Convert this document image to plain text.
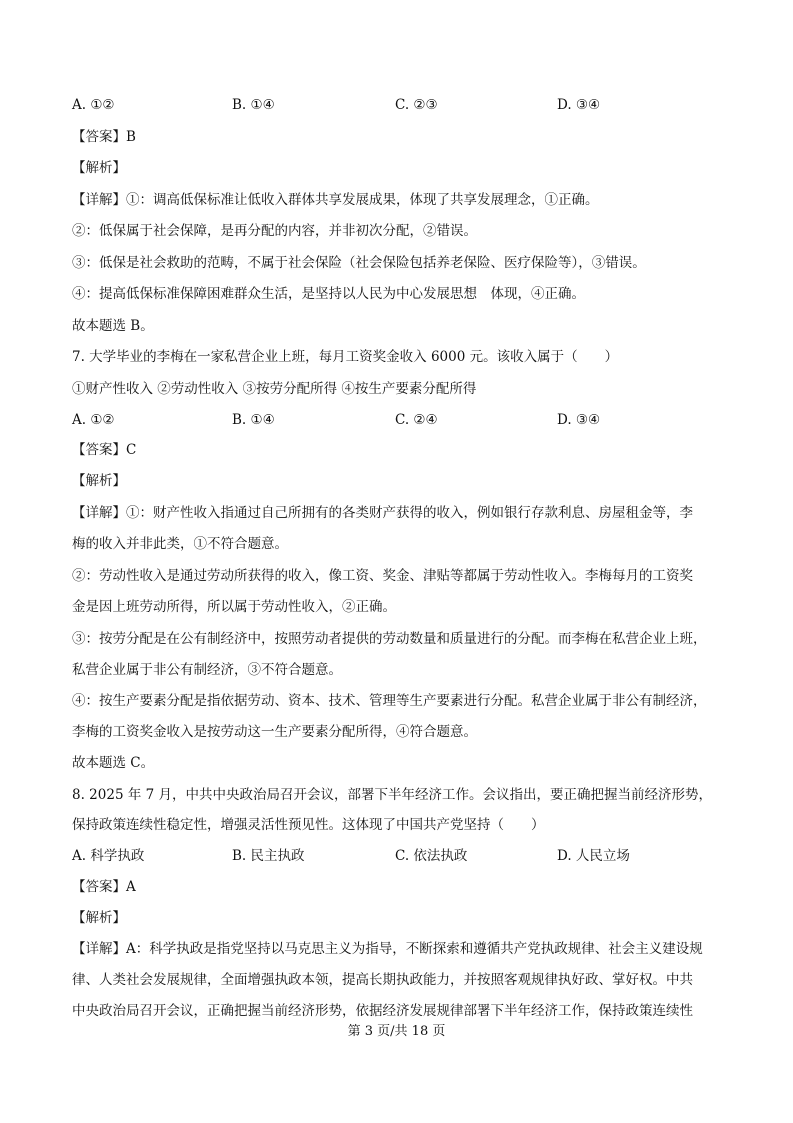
A. ①②	B. ①④	C. ②③	D. ③④
【答案】B
【解析】
【详解】①：调高低保标准让低收入群体共享发展成果，体现了共享发展理念，①正确。
②：低保属于社会保障，是再分配的内容，并非初次分配，②错误。
③：低保是社会救助的范畴，不属于社会保险（社会保险包括养老保险、医疗保险等），③错误。
④：提高低保标准保障困难群众生活，是坚持以人民为中心发展思想　体现，④正确。
故本题选 B。
7. 大学毕业的李梅在一家私营企业上班，每月工资奖金收入 6000 元。该收入属于（　　）
①财产性收入 ②劳动性收入 ③按劳分配所得 ④按生产要素分配所得
A. ①②	B. ①④	C. ②④	D. ③④
【答案】C
【解析】
【详解】①：财产性收入指通过自己所拥有的各类财产获得的收入，例如银行存款利息、房屋租金等，李
梅的收入并非此类，①不符合题意。
②：劳动性收入是通过劳动所获得的收入，像工资、奖金、津贴等都属于劳动性收入。李梅每月的工资奖
金是因上班劳动所得，所以属于劳动性收入，②正确。
③：按劳分配是在公有制经济中，按照劳动者提供的劳动数量和质量进行的分配。而李梅在私营企业上班，
私营企业属于非公有制经济，③不符合题意。
④：按生产要素分配是指依据劳动、资本、技术、管理等生产要素进行分配。私营企业属于非公有制经济，
李梅的工资奖金收入是按劳动这一生产要素分配所得，④符合题意。
故本题选 C。
8. 2025 年 7 月，中共中央政治局召开会议，部署下半年经济工作。会议指出，要正确把握当前经济形势，
保持政策连续性稳定性，增强灵活性预见性。这体现了中国共产党坚持（　　）
A. 科学执政	B. 民主执政	C. 依法执政	D. 人民立场
【答案】A
【解析】
【详解】A：科学执政是指党坚持以马克思主义为指导，不断探索和遵循共产党执政规律、社会主义建设规
律、人类社会发展规律，全面增强执政本领，提高长期执政能力，并按照客观规律执好政、掌好权。中共
中央政治局召开会议，正确把握当前经济形势，依据经济发展规律部署下半年经济工作，保持政策连续性
第 3 页/共 18 页
